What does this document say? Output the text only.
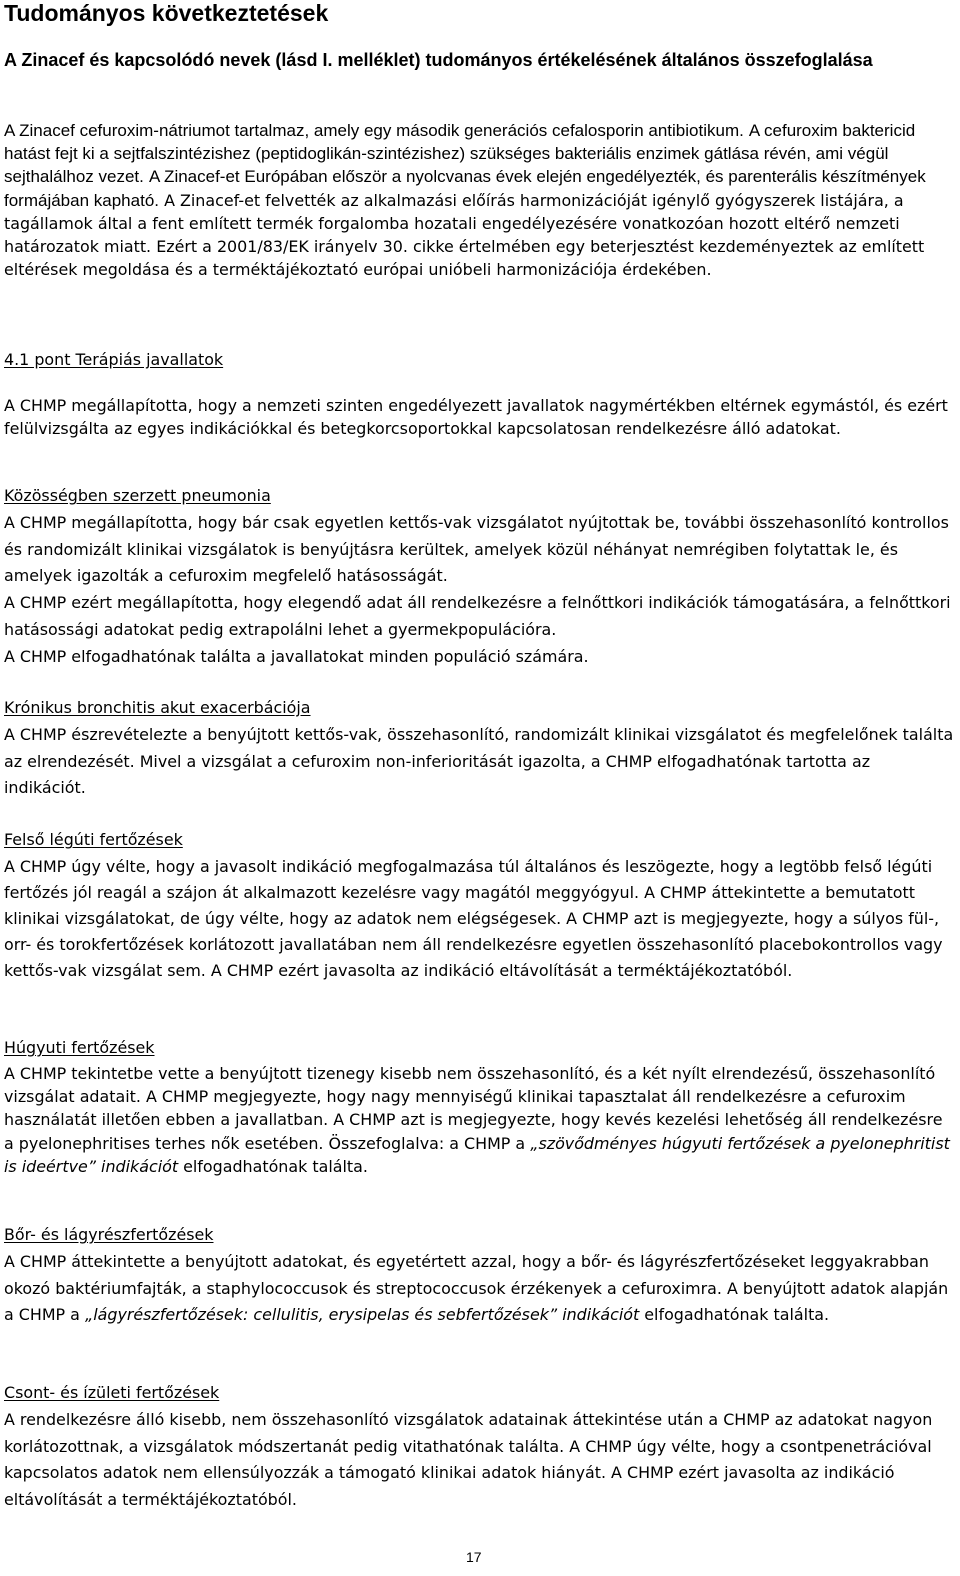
Tudományos következtetések
A Zinacef és kapcsolódó nevek (lásd I. melléklet) tudományos értékelésének általános összefoglalása
A Zinacef cefuroxim-nátriumot tartalmaz, amely egy második generációs cefalosporin antibiotikum. A cefuroxim baktericid hatást fejt ki a sejtfalszintézishez (peptidoglikán-szintézishez) szükséges bakteriális enzimek gátlása révén, ami végül sejthalálhoz vezet. A Zinacef-et Európában először a nyolcvanas évek elején engedélyezték, és parenterális készítmények formájában kapható. A Zinacef-et felvették az alkalmazási előírás harmonizációját igénylő gyógyszerek listájára, a tagállamok által a fent említett termék forgalomba hozatali engedélyezésére vonatkozóan hozott eltérő nemzeti határozatok miatt. Ezért a 2001/83/EK irányelv 30. cikke értelmében egy beterjesztést kezdeményeztek az említett eltérések megoldása és a terméktájékoztató európai unióbeli harmonizációja érdekében.

4.1 pont Terápiás javallatok

A CHMP megállapította, hogy a nemzeti szinten engedélyezett javallatok nagymértékben eltérnek egymástól, és ezért felülvizsgálta az egyes indikációkkal és betegkorcsoportokkal kapcsolatosan rendelkezésre álló adatokat.

Közösségben szerzett pneumonia

A CHMP megállapította, hogy bár csak egyetlen kettős-vak vizsgálatot nyújtottak be, további összehasonlító kontrollos és randomizált klinikai vizsgálatok is benyújtásra kerültek, amelyek közül néhányat nemrégiben folytattak le, és amelyek igazolták a cefuroxim megfelelő hatásosságát.

A CHMP ezért megállapította, hogy elegendő adat áll rendelkezésre a felnőttkori indikációk támogatására, a felnőttkori hatásossági adatokat pedig extrapolálni lehet a gyermekpopulációra.

A CHMP elfogadhatónak találta a javallatokat minden populáció számára.

Krónikus bronchitis akut exacerbációja

A CHMP észrevételezte a benyújtott kettős-vak, összehasonlító, randomizált klinikai vizsgálatot és megfelelőnek találta az elrendezését. Mivel a vizsgálat a cefuroxim non-inferioritását igazolta, a CHMP elfogadhatónak tartotta az indikációt.

Felső légúti fertőzések

A CHMP úgy vélte, hogy a javasolt indikáció megfogalmazása túl általános és leszögezte, hogy a legtöbb felső légúti fertőzés jól reagál a szájon át alkalmazott kezelésre vagy magától meggyógyul. A CHMP áttekintette a bemutatott klinikai vizsgálatokat, de úgy vélte, hogy az adatok nem elégségesek. A CHMP azt is megjegyezte, hogy a súlyos fül-, orr- és torokfertőzések korlátozott javallatában nem áll rendelkezésre egyetlen összehasonlító placebokontrollos vagy kettős-vak vizsgálat sem. A CHMP ezért javasolta az indikáció eltávolítását a terméktájékoztatóból.

Húgyuti fertőzések

A CHMP tekintetbe vette a benyújtott tizenegy kisebb nem összehasonlító, és a két nyílt elrendezésű, összehasonlító vizsgálat adatait. A CHMP megjegyezte, hogy nagy mennyiségű klinikai tapasztalat áll rendelkezésre a cefuroxim használatát illetően ebben a javallatban. A CHMP azt is megjegyezte, hogy kevés kezelési lehetőség áll rendelkezésre a pyelonephritises terhes nők esetében. Összefoglalva: a CHMP a „szövődményes húgyuti fertőzések a pyelonephritist is ideértve” indikációt elfogadhatónak találta.

Bőr- és lágyrészfertőzések

A CHMP áttekintette a benyújtott adatokat, és egyetértett azzal, hogy a bőr- és lágyrészfertőzéseket leggyakrabban okozó baktériumfajták, a staphylococcusok és streptococcusok érzékenyek a cefuroximra. A benyújtott adatok alapján a CHMP a „lágyrészfertőzések: cellulitis, erysipelas és sebfertőzések” indikációt elfogadhatónak találta.

Csont- és ízületi fertőzések

A rendelkezésre álló kisebb, nem összehasonlító vizsgálatok adatainak áttekintése után a CHMP az adatokat nagyon korlátozottnak, a vizsgálatok módszertanát pedig vitathatónak találta. A CHMP úgy vélte, hogy a csontpenetrációval kapcsolatos adatok nem ellensúlyozzák a támogató klinikai adatok hiányát. A CHMP ezért javasolta az indikáció eltávolítását a terméktájékoztatóból.

17
